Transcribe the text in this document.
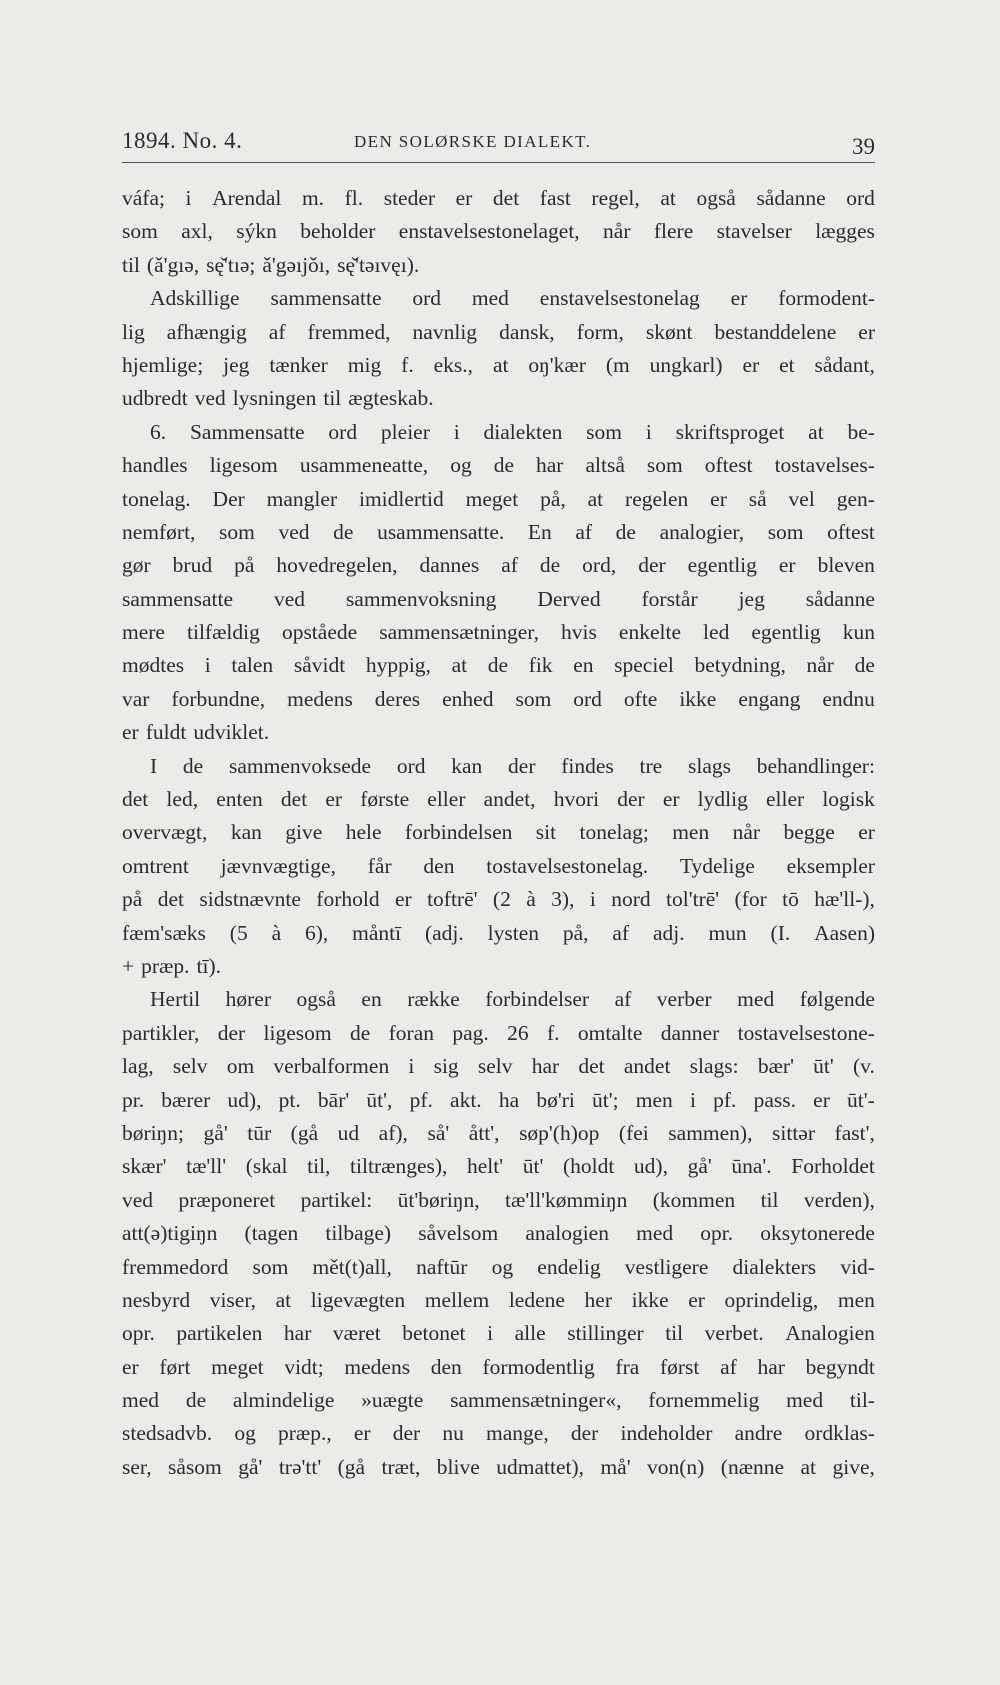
1894. No. 4.	DEN SOLØRSKE DIALEKT.	39
váfa; i Arendal m. fl. steder er det fast regel, at også sådanne ord
som axl, sýkn beholder enstavelsestonelaget, når flere stavelser lægges
til (ǎ'gıə, sę̌'tıə; ǎ'gəıjǒı, sę̌'təıvęı).
Adskillige sammensatte ord med enstavelsestonelag er formodent-
lig afhængig af fremmed, navnlig dansk, form, skønt bestanddelene er
hjemlige; jeg tænker mig f. eks., at oŋ'kær (m ungkarl) er et sådant,
udbredt ved lysningen til ægteskab.
6. Sammensatte ord pleier i dialekten som i skriftsproget at be-
handles ligesom usammeneatte, og de har altså som oftest tostavelses-
tonelag. Der mangler imidlertid meget på, at regelen er så vel gen-
nemført, som ved de usammensatte. En af de analogier, som oftest
gør brud på hovedregelen, dannes af de ord, der egentlig er bleven
sammensatte ved sammenvoksning Derved forstår jeg sådanne
mere tilfældig opståede sammensætninger, hvis enkelte led egentlig kun
mødtes i talen såvidt hyppig, at de fik en speciel betydning, når de
var forbundne, medens deres enhed som ord ofte ikke engang endnu
er fuldt udviklet.
I de sammenvoksede ord kan der findes tre slags behandlinger:
det led, enten det er første eller andet, hvori der er lydlig eller logisk
overvægt, kan give hele forbindelsen sit tonelag; men når begge er
omtrent jævnvægtige, får den tostavelsestonelag. Tydelige eksempler
på det sidstnævnte forhold er toftrē' (2 à 3), i nord tol'trē' (for tō hæ'll-),
fæm'sæks (5 à 6), måntī (adj. lysten på, af adj. mun (I. Aasen)
+ præp. tī).
Hertil hører også en række forbindelser af verber med følgende
partikler, der ligesom de foran pag. 26 f. omtalte danner tostavelsestone-
lag, selv om verbalformen i sig selv har det andet slags: bær' ūt' (v.
pr. bærer ud), pt. bār' ūt', pf. akt. ha bø'ri ūt'; men i pf. pass. er ūt'-
børiŋn; gå' tūr (gå ud af), så' ått', søp'(h)op (fei sammen), sittər fast',
skær' tæ'll' (skal til, tiltrænges), helt' ūt' (holdt ud), gå' ūna'. Forholdet
ved præponeret partikel: ūt'børiŋn, tæ'll'kømmiŋn (kommen til verden),
att(ə)tigiŋn (tagen tilbage) såvelsom analogien med opr. oksytonerede
fremmedord som mět(t)all, naftūr og endelig vestligere dialekters vid-
nesbyrd viser, at ligevægten mellem ledene her ikke er oprindelig, men
opr. partikelen har været betonet i alle stillinger til verbet. Analogien
er ført meget vidt; medens den formodentlig fra først af har begyndt
med de almindelige »uægte sammensætninger«, fornemmelig med til-
stedsadvb. og præp., er der nu mange, der indeholder andre ordklas-
ser, såsom gå' trə'tt' (gå træt, blive udmattet), må' von(n) (nænne at give,
